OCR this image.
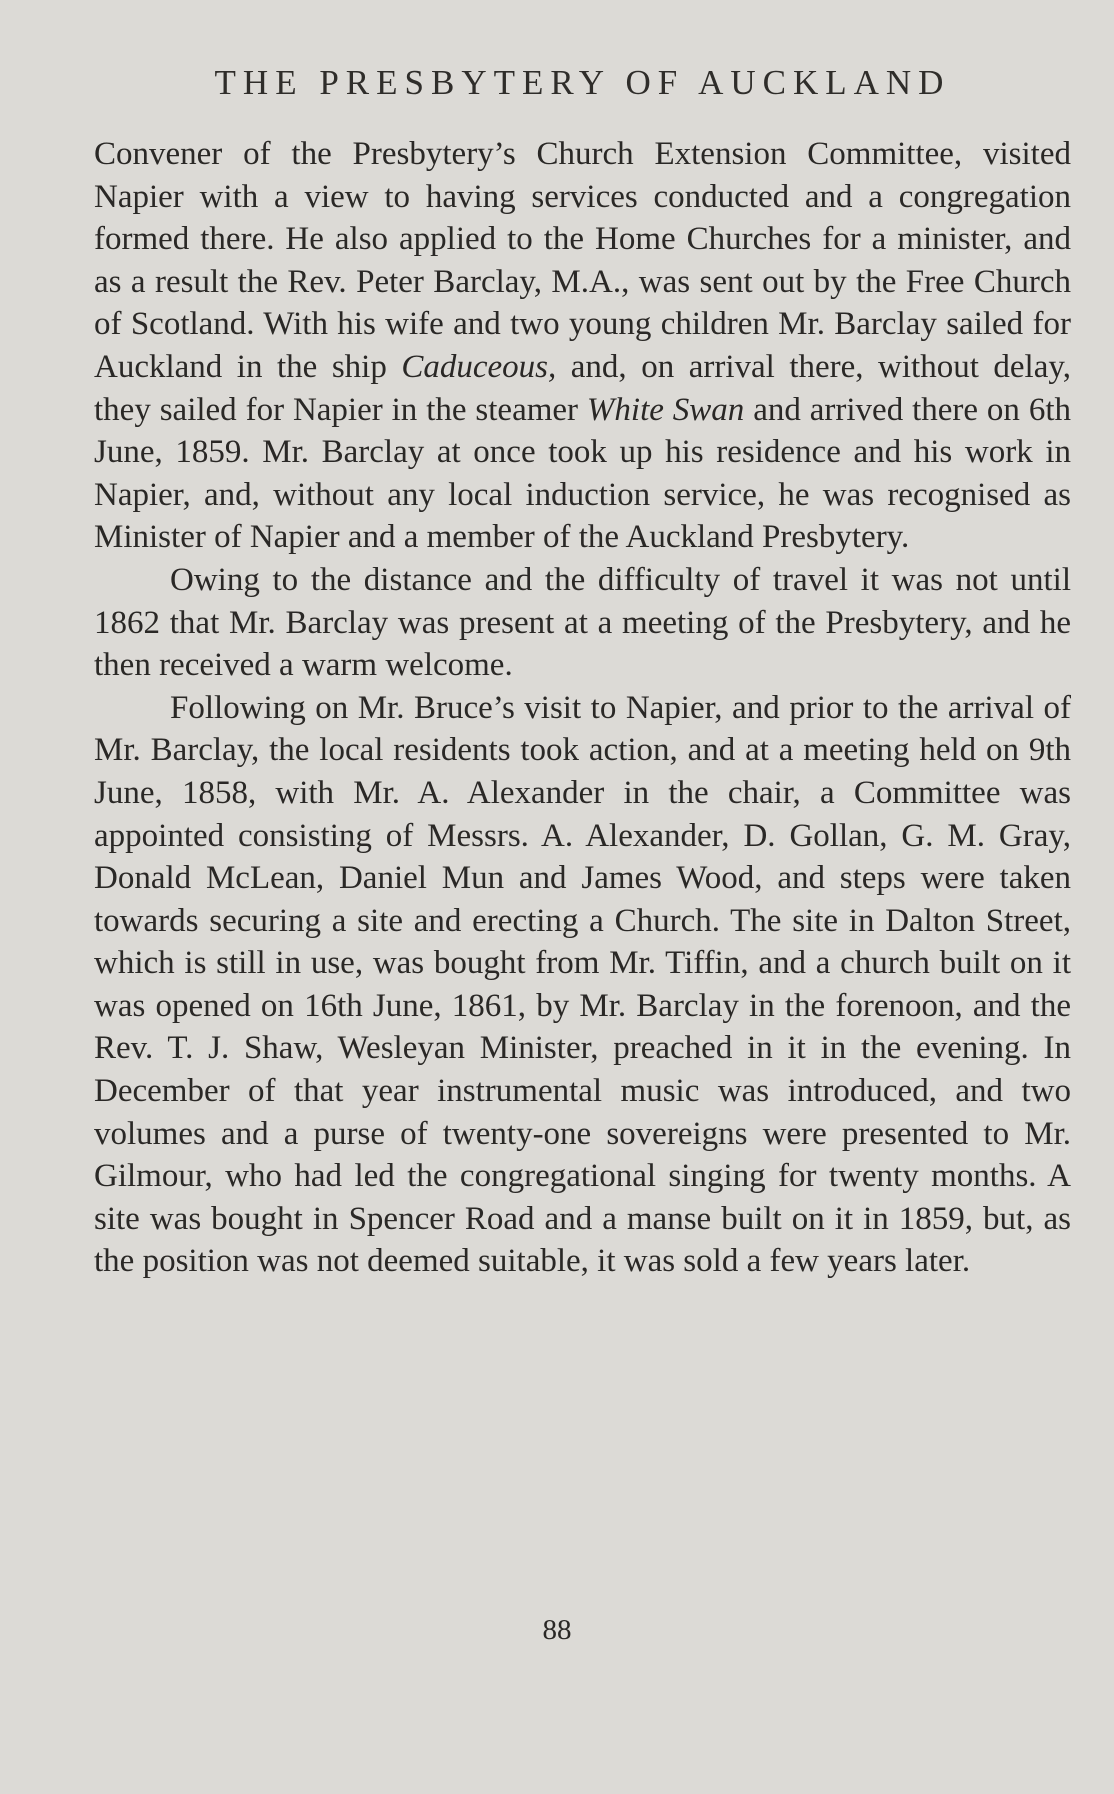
THE PRESBYTERY OF AUCKLAND

Convener of the Presbytery’s Church Extension Committee, visited Napier with a view to having services conducted and a congregation formed there. He also applied to the Home Churches for a minister, and as a result the Rev. Peter Barclay, M.A., was sent out by the Free Church of Scotland. With his wife and two young children Mr. Barclay sailed for Auckland in the ship Caduceous, and, on arrival there, without delay, they sailed for Napier in the steamer White Swan and arrived there on 6th June, 1859. Mr. Barclay at once took up his residence and his work in Napier, and, without any local induction service, he was recognised as Minister of Napier and a member of the Auckland Presbytery.

Owing to the distance and the difficulty of travel it was not until 1862 that Mr. Barclay was present at a meeting of the Presbytery, and he then received a warm welcome.

Following on Mr. Bruce’s visit to Napier, and prior to the arrival of Mr. Barclay, the local residents took action, and at a meeting held on 9th June, 1858, with Mr. A. Alexander in the chair, a Committee was appointed consisting of Messrs. A. Alexander, D. Gollan, G. M. Gray, Donald McLean, Daniel Mun and James Wood, and steps were taken towards securing a site and erecting a Church. The site in Dalton Street, which is still in use, was bought from Mr. Tiffin, and a church built on it was opened on 16th June, 1861, by Mr. Barclay in the forenoon, and the Rev. T. J. Shaw, Wesleyan Minister, preached in it in the evening. In December of that year instrumental music was introduced, and two volumes and a purse of twenty-one sovereigns were presented to Mr. Gilmour, who had led the congregational singing for twenty months. A site was bought in Spencer Road and a manse built on it in 1859, but, as the position was not deemed suitable, it was sold a few years later.

88
